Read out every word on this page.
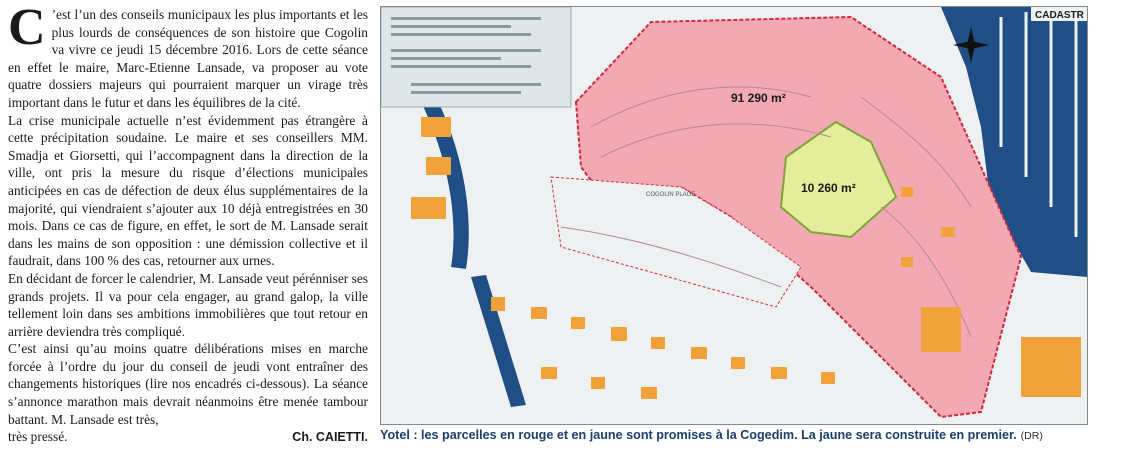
C ’est l’un des conseils municipaux les plus importants et les plus lourds de conséquences de son histoire que Cogolin va vivre ce jeudi 15 décembre 2016. Lors de cette séance en effet le maire, Marc-Etienne Lansade, va proposer au vote quatre dossiers majeurs qui pourraient marquer un virage très important dans le futur et dans les équilibres de la cité.

La crise municipale actuelle n’est évidemment pas étrangère à cette précipitation soudaine. Le maire et ses conseillers MM. Smadja et Giorsetti, qui l’accompagnent dans la direction de la ville, ont pris la mesure du risque d’élections municipales anticipées en cas de défection de deux élus supplémentaires de la majorité, qui viendraient s’ajouter aux 10 déjà entregistrées en 30 mois. Dans ce cas de figure, en effet, le sort de M. Lansade serait dans les mains de son opposition : une démission collective et il faudrait, dans 100 % des cas, retourner aux urnes.

En décidant de forcer le calendrier, M. Lansade veut pérénniser ses grands projets. Il va pour cela engager, au grand galop, la ville tellement loin dans ses ambitions immobilières que tout retour en arrière deviendra très compliqué.

C’est ainsi qu’au moins quatre délibérations mises en marche forcée à l’ordre du jour du conseil de jeudi vont entraîner des changements historiques (lire nos encadrés ci-dessous). La séance s’annonce marathon mais devrait néanmoins être menée tambour battant. M. Lansade est très,

très pressé.	Ch. CAIETTI.
91 290 m²
10 260 m²
COGOLIN PLAGE
CADASTR
Yotel : les parcelles en rouge et en jaune sont promises à la Cogedim. La jaune sera construite en premier. (DR)
